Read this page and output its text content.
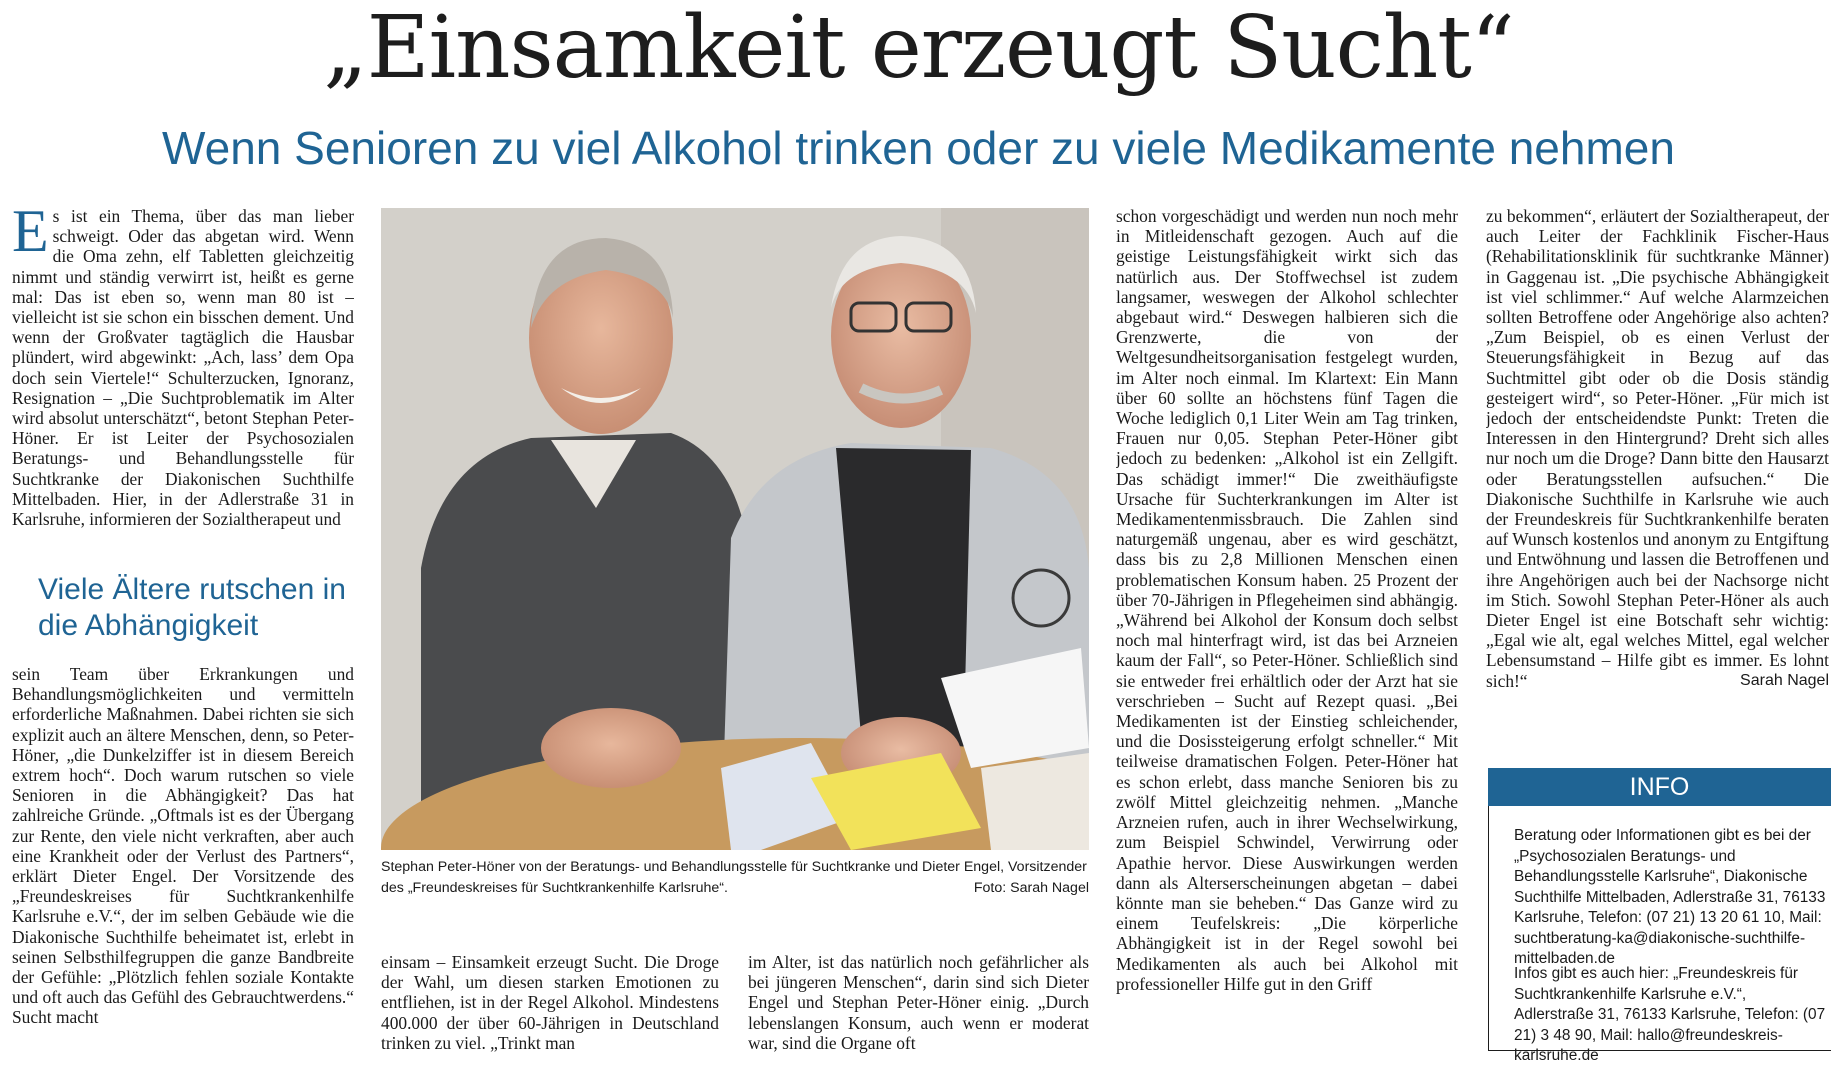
„Einsamkeit erzeugt Sucht“
Wenn Senioren zu viel Alkohol trinken oder zu viele Medikamente nehmen
Es ist ein Thema, über das man lieber schweigt. Oder das abgetan wird. Wenn die Oma zehn, elf Tabletten gleichzeitig nimmt und ständig verwirrt ist, heißt es gerne mal: Das ist eben so, wenn man 80 ist – vielleicht ist sie schon ein bisschen dement. Und wenn der Großvater tagtäglich die Hausbar plündert, wird abgewinkt: „Ach, lass’ dem Opa doch sein Viertele!“ Schulterzucken, Ignoranz, Resignation – „Die Suchtproblematik im Alter wird absolut unterschätzt“, betont Stephan Peter-Höner. Er ist Leiter der Psychosozialen Beratungs- und Behandlungsstelle für Suchtkranke der Diakonischen Suchthilfe Mittelbaden. Hier, in der Adlerstraße 31 in Karlsruhe, informieren der Sozialtherapeut und
Viele Ältere rutschen in die Abhängigkeit
sein Team über Erkrankungen und Behandlungsmöglichkeiten und vermitteln erforderliche Maßnahmen. Dabei richten sie sich explizit auch an ältere Menschen, denn, so Peter-Höner, „die Dunkelziffer ist in diesem Bereich extrem hoch“. Doch warum rutschen so viele Senioren in die Abhängigkeit? Das hat zahlreiche Gründe. „Oftmals ist es der Übergang zur Rente, den viele nicht verkraften, aber auch eine Krankheit oder der Verlust des Partners“, erklärt Dieter Engel. Der Vorsitzende des „Freundeskreises für Suchtkrankenhilfe Karlsruhe e.V.“, der im selben Gebäude wie die Diakonische Suchthilfe beheimatet ist, erlebt in seinen Selbsthilfegruppen die ganze Bandbreite der Gefühle: „Plötzlich fehlen soziale Kontakte und oft auch das Gefühl des Gebrauchtwerdens.“ Sucht macht
Stephan Peter-Höner von der Beratungs- und Behandlungsstelle für Suchtkranke und Dieter Engel, Vorsitzender des „Freundeskreises für Suchtkrankenhilfe Karlsruhe“.	Foto: Sarah Nagel
einsam – Einsamkeit erzeugt Sucht. Die Droge der Wahl, um diesen starken Emotionen zu entfliehen, ist in der Regel Alkohol. Mindestens 400.000 der über 60-Jährigen in Deutschland trinken zu viel. „Trinkt man
im Alter, ist das natürlich noch gefährlicher als bei jüngeren Menschen“, darin sind sich Dieter Engel und Stephan Peter-Höner einig. „Durch lebenslangen Konsum, auch wenn er moderat war, sind die Organe oft
schon vorgeschädigt und werden nun noch mehr in Mitleidenschaft gezogen. Auch auf die geistige Leistungsfähigkeit wirkt sich das natürlich aus. Der Stoffwechsel ist zudem langsamer, weswegen der Alkohol schlechter abgebaut wird.“ Deswegen halbieren sich die Grenzwerte, die von der Weltgesundheitsorganisation festgelegt wurden, im Alter noch einmal. Im Klartext: Ein Mann über 60 sollte an höchstens fünf Tagen die Woche lediglich 0,1 Liter Wein am Tag trinken, Frauen nur 0,05. Stephan Peter-Höner gibt jedoch zu bedenken: „Alkohol ist ein Zellgift. Das schädigt immer!“ Die zweithäufigste Ursache für Suchterkrankungen im Alter ist Medikamentenmissbrauch. Die Zahlen sind naturgemäß ungenau, aber es wird geschätzt, dass bis zu 2,8 Millionen Menschen einen problematischen Konsum haben. 25 Prozent der über 70-Jährigen in Pflegeheimen sind abhängig. „Während bei Alkohol der Konsum doch selbst noch mal hinterfragt wird, ist das bei Arzneien kaum der Fall“, so Peter-Höner. Schließlich sind sie entweder frei erhältlich oder der Arzt hat sie verschrieben – Sucht auf Rezept quasi. „Bei Medikamenten ist der Einstieg schleichender, und die Dosissteigerung erfolgt schneller.“ Mit teilweise dramatischen Folgen. Peter-Höner hat es schon erlebt, dass manche Senioren bis zu zwölf Mittel gleichzeitig nehmen. „Manche Arzneien rufen, auch in ihrer Wechselwirkung, zum Beispiel Schwindel, Verwirrung oder Apathie hervor. Diese Auswirkungen werden dann als Alterserscheinungen abgetan – dabei könnte man sie beheben.“ Das Ganze wird zu einem Teufelskreis: „Die körperliche Abhängigkeit ist in der Regel sowohl bei Medikamenten als auch bei Alkohol mit professioneller Hilfe gut in den Griff
zu bekommen“, erläutert der Sozialtherapeut, der auch Leiter der Fachklinik Fischer-Haus (Rehabilitationsklinik für suchtkranke Männer) in Gaggenau ist. „Die psychische Abhängigkeit ist viel schlimmer.“ Auf welche Alarmzeichen sollten Betroffene oder Angehörige also achten? „Zum Beispiel, ob es einen Verlust der Steuerungsfähigkeit in Bezug auf das Suchtmittel gibt oder ob die Dosis ständig gesteigert wird“, so Peter-Höner. „Für mich ist jedoch der entscheidendste Punkt: Treten die Interessen in den Hintergrund? Dreht sich alles nur noch um die Droge? Dann bitte den Hausarzt oder Beratungsstellen aufsuchen.“ Die Diakonische Suchthilfe in Karlsruhe wie auch der Freundeskreis für Suchtkrankenhilfe beraten auf Wunsch kostenlos und anonym zu Entgiftung und Entwöhnung und lassen die Betroffenen und ihre Angehörigen auch bei der Nachsorge nicht im Stich. Sowohl Stephan Peter-Höner als auch Dieter Engel ist eine Botschaft sehr wichtig: „Egal wie alt, egal welches Mittel, egal welcher Lebensumstand – Hilfe gibt es immer. Es lohnt sich!“	Sarah Nagel
INFO
Beratung oder Informationen gibt es bei der „Psychosozialen Beratungs- und Behandlungsstelle Karlsruhe“, Diakonische Suchthilfe Mittelbaden, Adlerstraße 31, 76133 Karlsruhe, Telefon: (07 21) 13 20 61 10, Mail: suchtberatung-ka@diakonische-suchthilfe-mittelbaden.de
Infos gibt es auch hier: „Freundeskreis für Suchtkrankenhilfe Karlsruhe e.V.“, Adlerstraße 31, 76133 Karlsruhe, Telefon: (07 21) 3 48 90, Mail: hallo@freundeskreis-karlsruhe.de
